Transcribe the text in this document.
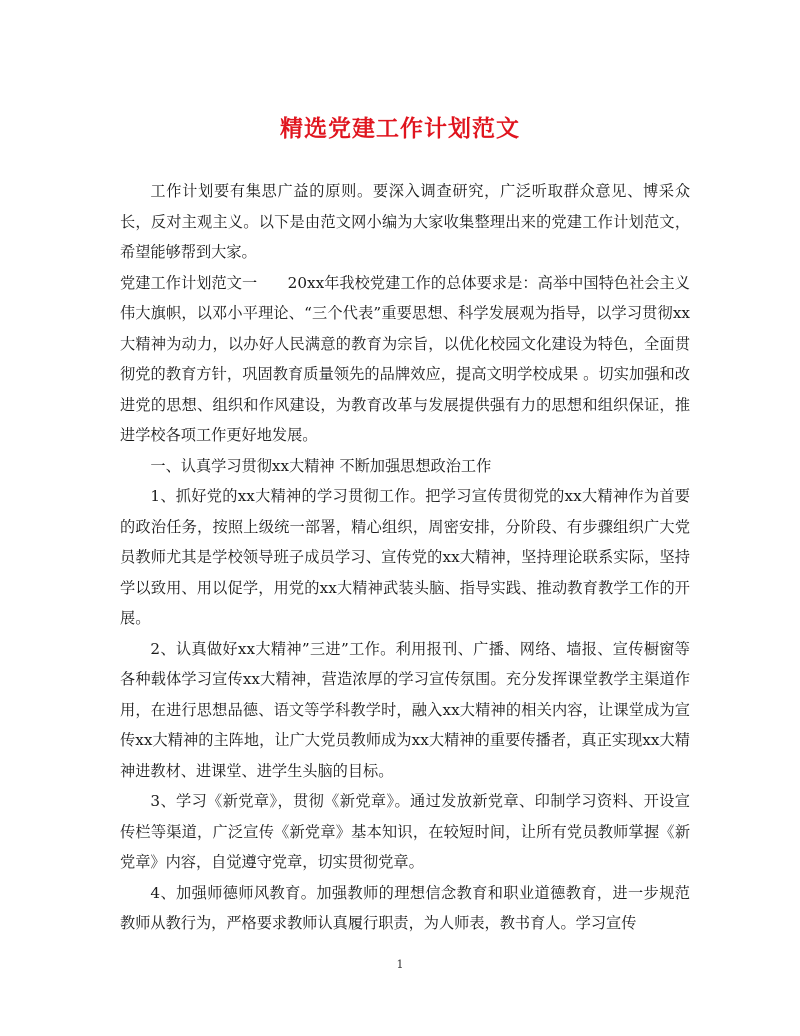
精选党建工作计划范文

工作计划要有集思广益的原则。要深入调查研究，广泛听取群众意见、博采众长，反对主观主义。以下是由范文网小编为大家收集整理出来的党建工作计划范文，希望能够帮到大家。

党建工作计划范文一　　20xx年我校党建工作的总体要求是：高举中国特色社会主义伟大旗帜，以邓小平理论、“三个代表”重要思想、科学发展观为指导，以学习贯彻xx大精神为动力，以办好人民满意的教育为宗旨，以优化校园文化建设为特色，全面贯彻党的教育方针，巩固教育质量领先的品牌效应，提高文明学校成果 。切实加强和改进党的思想、组织和作风建设，为教育改革与发展提供强有力的思想和组织保证，推进学校各项工作更好地发展。

一、认真学习贯彻xx大精神 不断加强思想政治工作

1、抓好党的xx大精神的学习贯彻工作。把学习宣传贯彻党的xx大精神作为首要的政治任务，按照上级统一部署，精心组织，周密安排，分阶段、有步骤组织广大党员教师尤其是学校领导班子成员学习、宣传党的xx大精神，坚持理论联系实际，坚持学以致用、用以促学，用党的xx大精神武装头脑、指导实践、推动教育教学工作的开展。

2、认真做好xx大精神”三进”工作。利用报刊、广播、网络、墙报、宣传橱窗等各种载体学习宣传xx大精神，营造浓厚的学习宣传氛围。充分发挥课堂教学主渠道作用，在进行思想品德、语文等学科教学时，融入xx大精神的相关内容，让课堂成为宣传xx大精神的主阵地，让广大党员教师成为xx大精神的重要传播者，真正实现xx大精神进教材、进课堂、进学生头脑的目标。

3、学习《新党章》，贯彻《新党章》。通过发放新党章、印制学习资料、开设宣传栏等渠道，广泛宣传《新党章》基本知识，在较短时间，让所有党员教师掌握《新党章》内容，自觉遵守党章，切实贯彻党章。

4、加强师德师风教育。加强教师的理想信念教育和职业道德教育，进一步规范教师从教行为，严格要求教师认真履行职责，为人师表，教书育人。学习宣传

1
